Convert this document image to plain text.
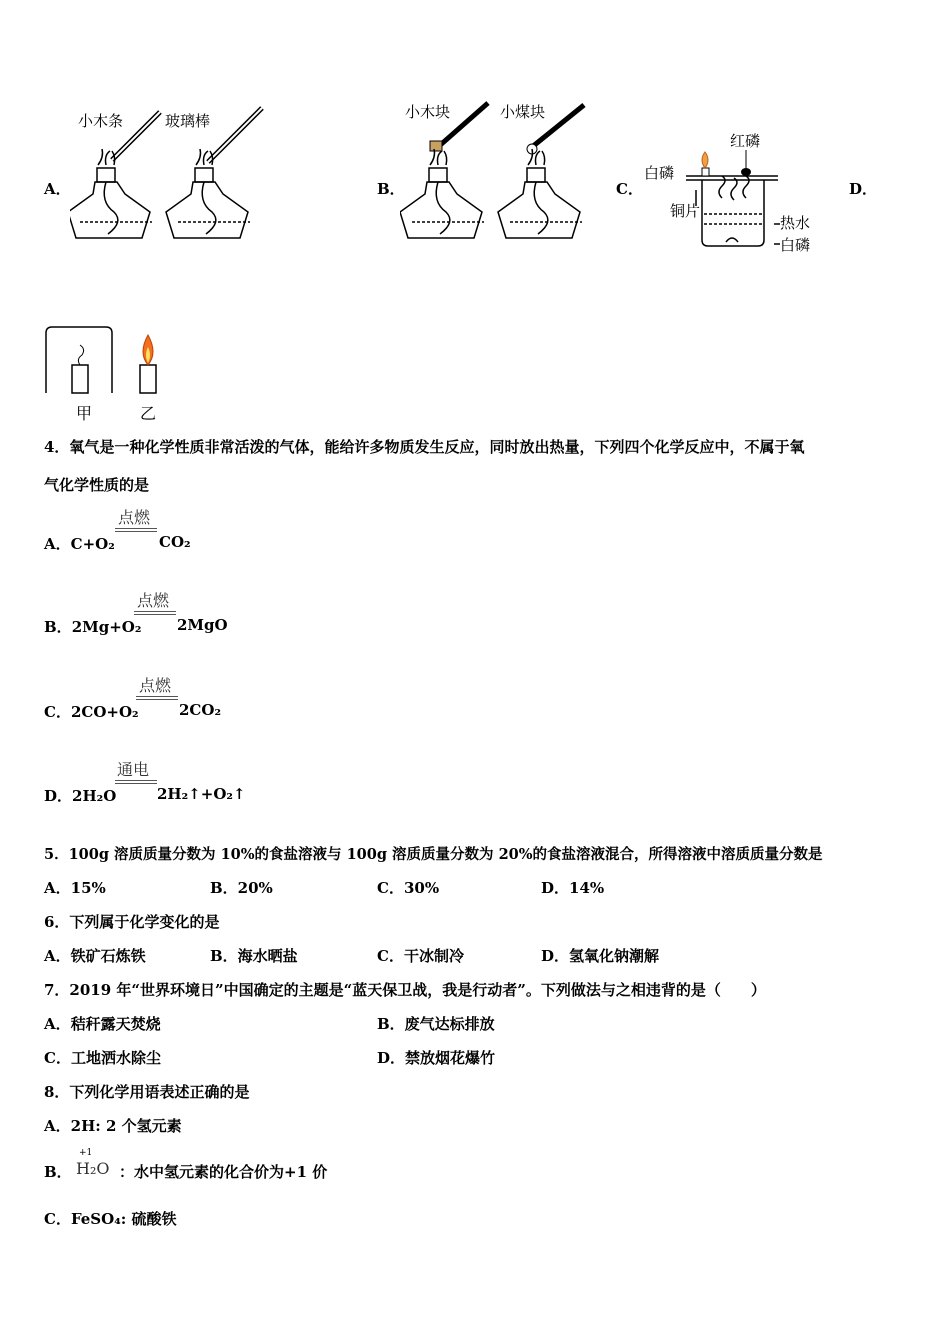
A．	B．	C．	D．
小木条	玻璃棒	小木块	小煤块
红磷
白磷
铜片
热水
白磷
甲	乙
4．氧气是一种化学性质非常活泼的气体，能给许多物质发生反应，同时放出热量，下列四个化学反应中，不属于氧
气化学性质的是
A．C+O₂
点燃
CO₂
B．2Mg+O₂
点燃
2MgO
C．2CO+O₂
点燃
2CO₂
D．2H₂O
通电
2H₂↑+O₂↑
5．100g 溶质质量分数为 10%的食盐溶液与 100g 溶质质量分数为 20%的食盐溶液混合，所得溶液中溶质质量分数是
A．15%	B．20%	C．30%	D．14%
6．下列属于化学变化的是
A．铁矿石炼铁	B．海水晒盐	C．干冰制冷	D．氢氧化钠潮解
7．2019 年“世界环境日”中国确定的主题是“蓝天保卫战，我是行动者”。下列做法与之相违背的是（　　）
A．秸秆露天焚烧	B．废气达标排放
C．工地洒水除尘	D．禁放烟花爆竹
8．下列化学用语表述正确的是
A．2H: 2 个氢元素
B．
+1
H₂O ：水中氢元素的化合价为+1 价
C．FeSO₄: 硫酸铁
